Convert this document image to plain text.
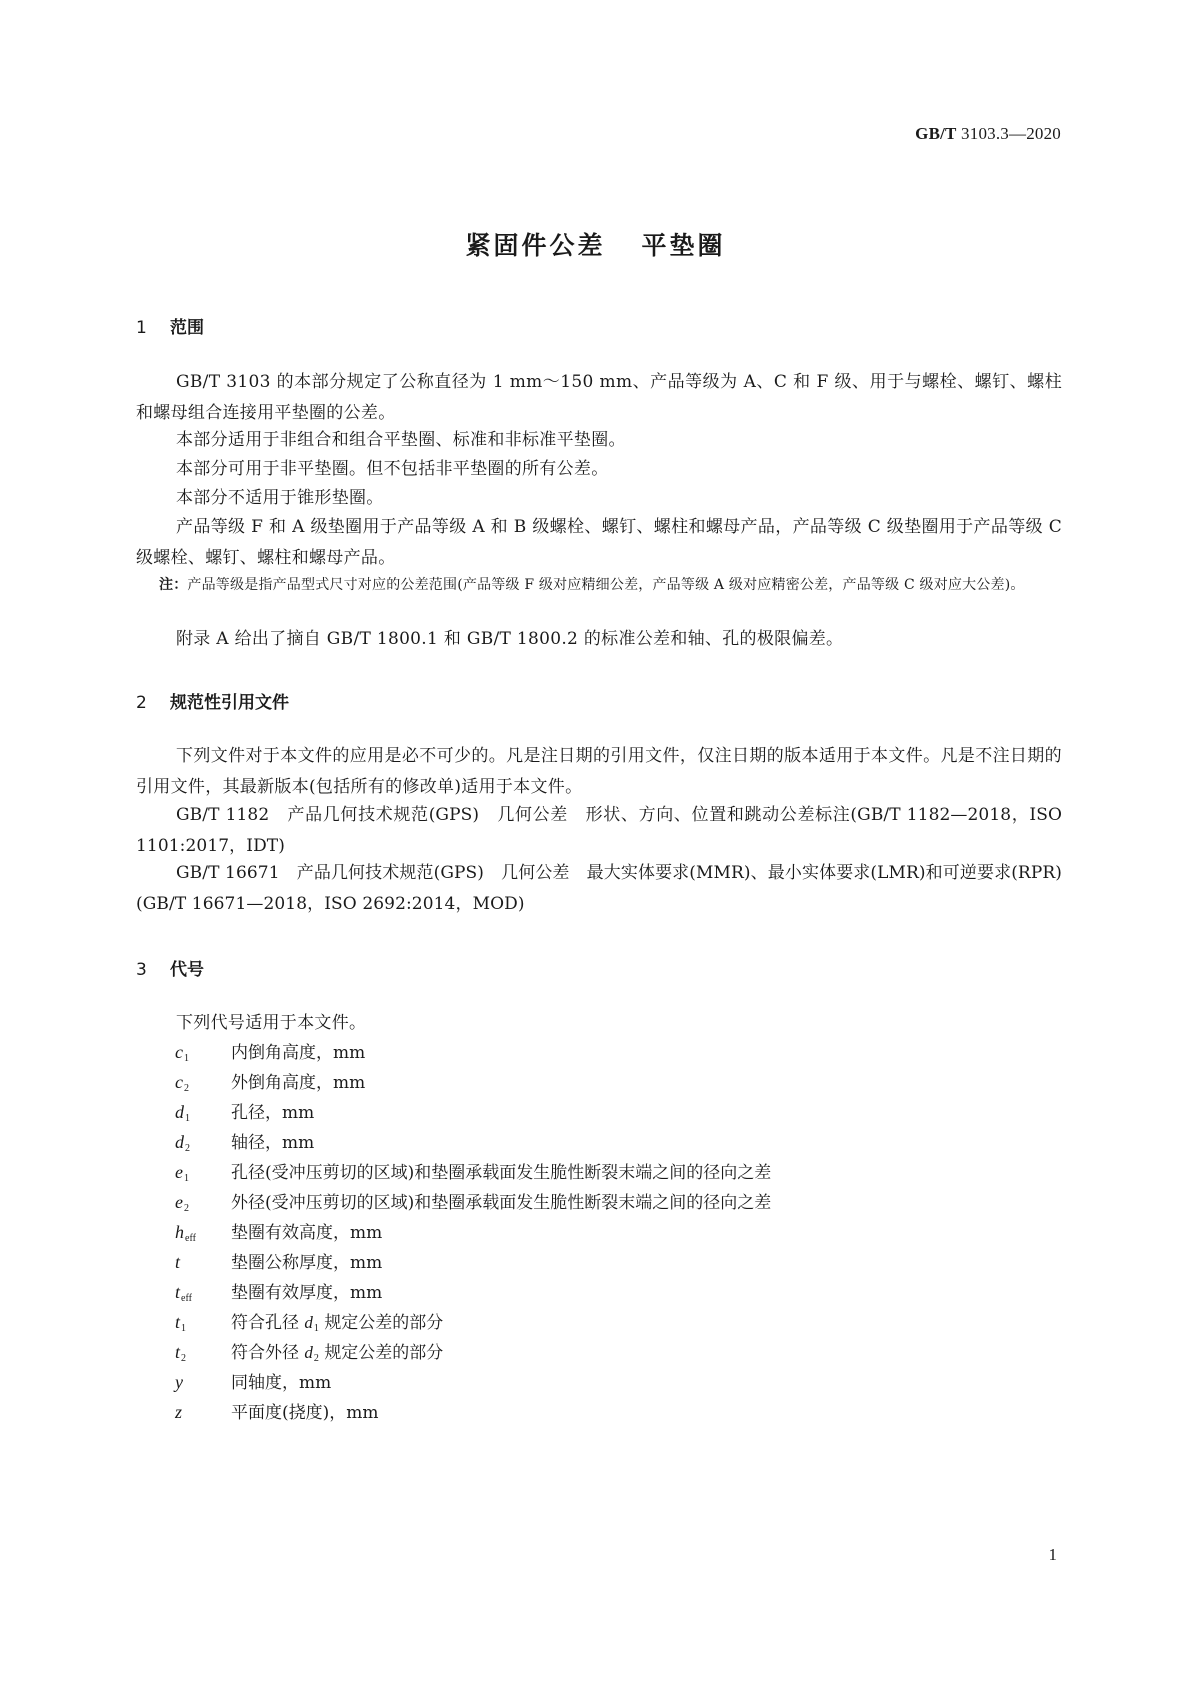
GB/T 3103.3—2020
紧固件公差 平垫圈
1 范围
GB/T 3103 的本部分规定了公称直径为 1 mm～150 mm、产品等级为 A、C 和 F 级、用于与螺栓、螺钉、螺柱和螺母组合连接用平垫圈的公差。
本部分适用于非组合和组合平垫圈、标准和非标准平垫圈。
本部分可用于非平垫圈。但不包括非平垫圈的所有公差。
本部分不适用于锥形垫圈。
产品等级 F 和 A 级垫圈用于产品等级 A 和 B 级螺栓、螺钉、螺柱和螺母产品，产品等级 C 级垫圈用于产品等级 C 级螺栓、螺钉、螺柱和螺母产品。
注：产品等级是指产品型式尺寸对应的公差范围(产品等级 F 级对应精细公差，产品等级 A 级对应精密公差，产品等级 C 级对应大公差)。
附录 A 给出了摘自 GB/T 1800.1 和 GB/T 1800.2 的标准公差和轴、孔的极限偏差。
2 规范性引用文件
下列文件对于本文件的应用是必不可少的。凡是注日期的引用文件，仅注日期的版本适用于本文件。凡是不注日期的引用文件，其最新版本(包括所有的修改单)适用于本文件。
GB/T 1182　产品几何技术规范(GPS)　几何公差　形状、方向、位置和跳动公差标注(GB/T 1182—2018，ISO 1101:2017，IDT)
GB/T 16671　产品几何技术规范(GPS)　几何公差　最大实体要求(MMR)、最小实体要求(LMR)和可逆要求(RPR)(GB/T 16671—2018，ISO 2692:2014，MOD)
3 代号
下列代号适用于本文件。
$c_1$ 内倒角高度，mm
$c_2$ 外倒角高度，mm
$d_1$ 孔径，mm
$d_2$ 轴径，mm
$e_1$ 孔径(受冲压剪切的区域)和垫圈承载面发生脆性断裂末端之间的径向之差
$e_2$ 外径(受冲压剪切的区域)和垫圈承载面发生脆性断裂末端之间的径向之差
$h_{eff}$ 垫圈有效高度，mm
t	垫圈公称厚度，mm
$t_{eff}$ 垫圈有效厚度，mm
$t_1$	符合孔径 $d_1$ 规定公差的部分
$t_2$	符合外径 $d_2$ 规定公差的部分
y	同轴度，mm
z	平面度(挠度)，mm
1
